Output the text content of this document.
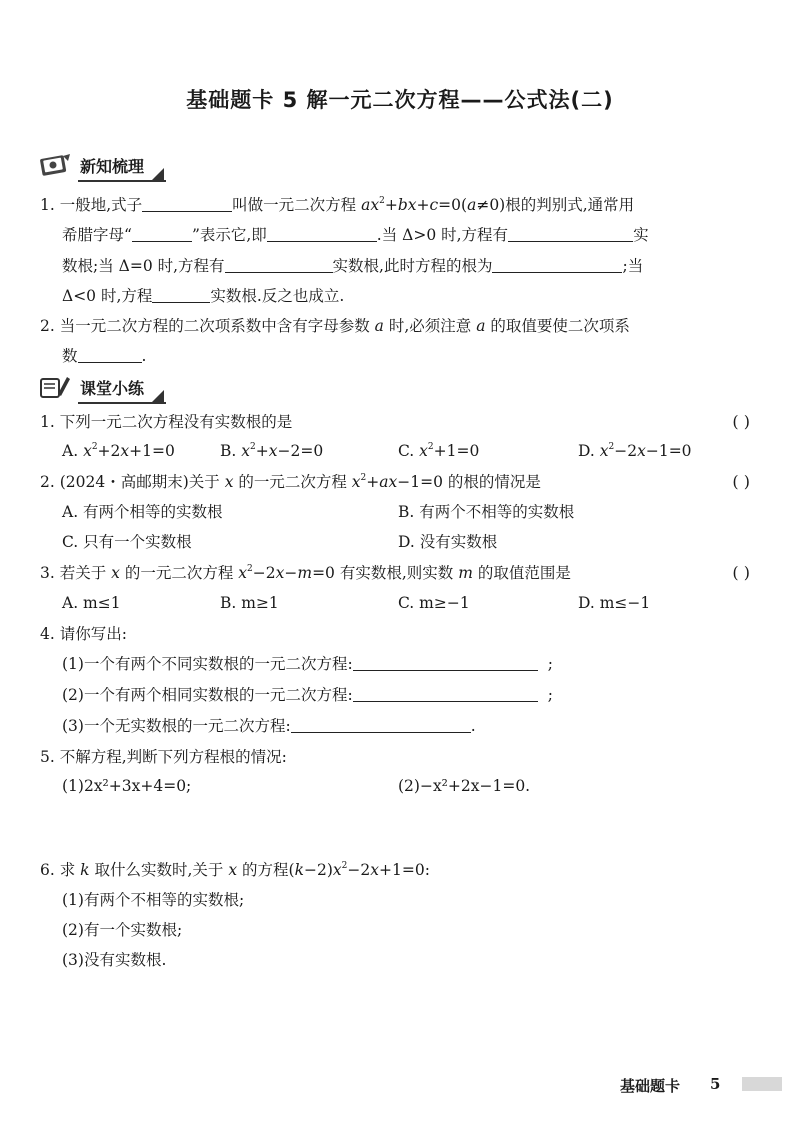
基础题卡 5 解一元二次方程——公式法(二)
新知梳理
1. 一般地,式子	叫做一元二次方程 $ax^2+bx+c=0(a\ne 0)$根的判别式,通常用
希腊字母“	”表示它,即	.当 Δ>0 时,方程有	实
数根;当 Δ=0 时,方程有	实数根,此时方程的根为	;当
Δ<0 时,方程	实数根.反之也成立.
2. 当一元二次方程的二次项系数中含有字母参数 a 时,必须注意 a 的取值要使二次项系
数	.
课堂小练
1. 下列一元二次方程没有实数根的是	( )
A. $x^2+2x+1=0$	B. $x^2+x-2=0$	C. $x^2+1=0$	D. $x^2-2x-1=0$
2. (2024・高邮期末)关于 x 的一元二次方程 $x^2+ax-1=0$ 的根的情况是	( )
A. 有两个相等的实数根	B. 有两个不相等的实数根
C. 只有一个实数根	D. 没有实数根
3. 若关于 x 的一元二次方程 $x^2-2x-m=0$ 有实数根,则实数 m 的取值范围是	( )
A. m≤1	B. m≥1	C. m≥−1	D. m≤−1
4. 请你写出:
(1)一个有两个不同实数根的一元二次方程:	;
(2)一个有两个相同实数根的一元二次方程:	;
(3)一个无实数根的一元二次方程:	.
5. 不解方程,判断下列方程根的情况:
(1)2x²+3x+4=0;	(2)−x²+2x−1=0.
6. 求 k 取什么实数时,关于 x 的方程$(k-2)x^2-2x+1=0$:
(1)有两个不相等的实数根;
(2)有一个实数根;
(3)没有实数根.
基础题卡 5
